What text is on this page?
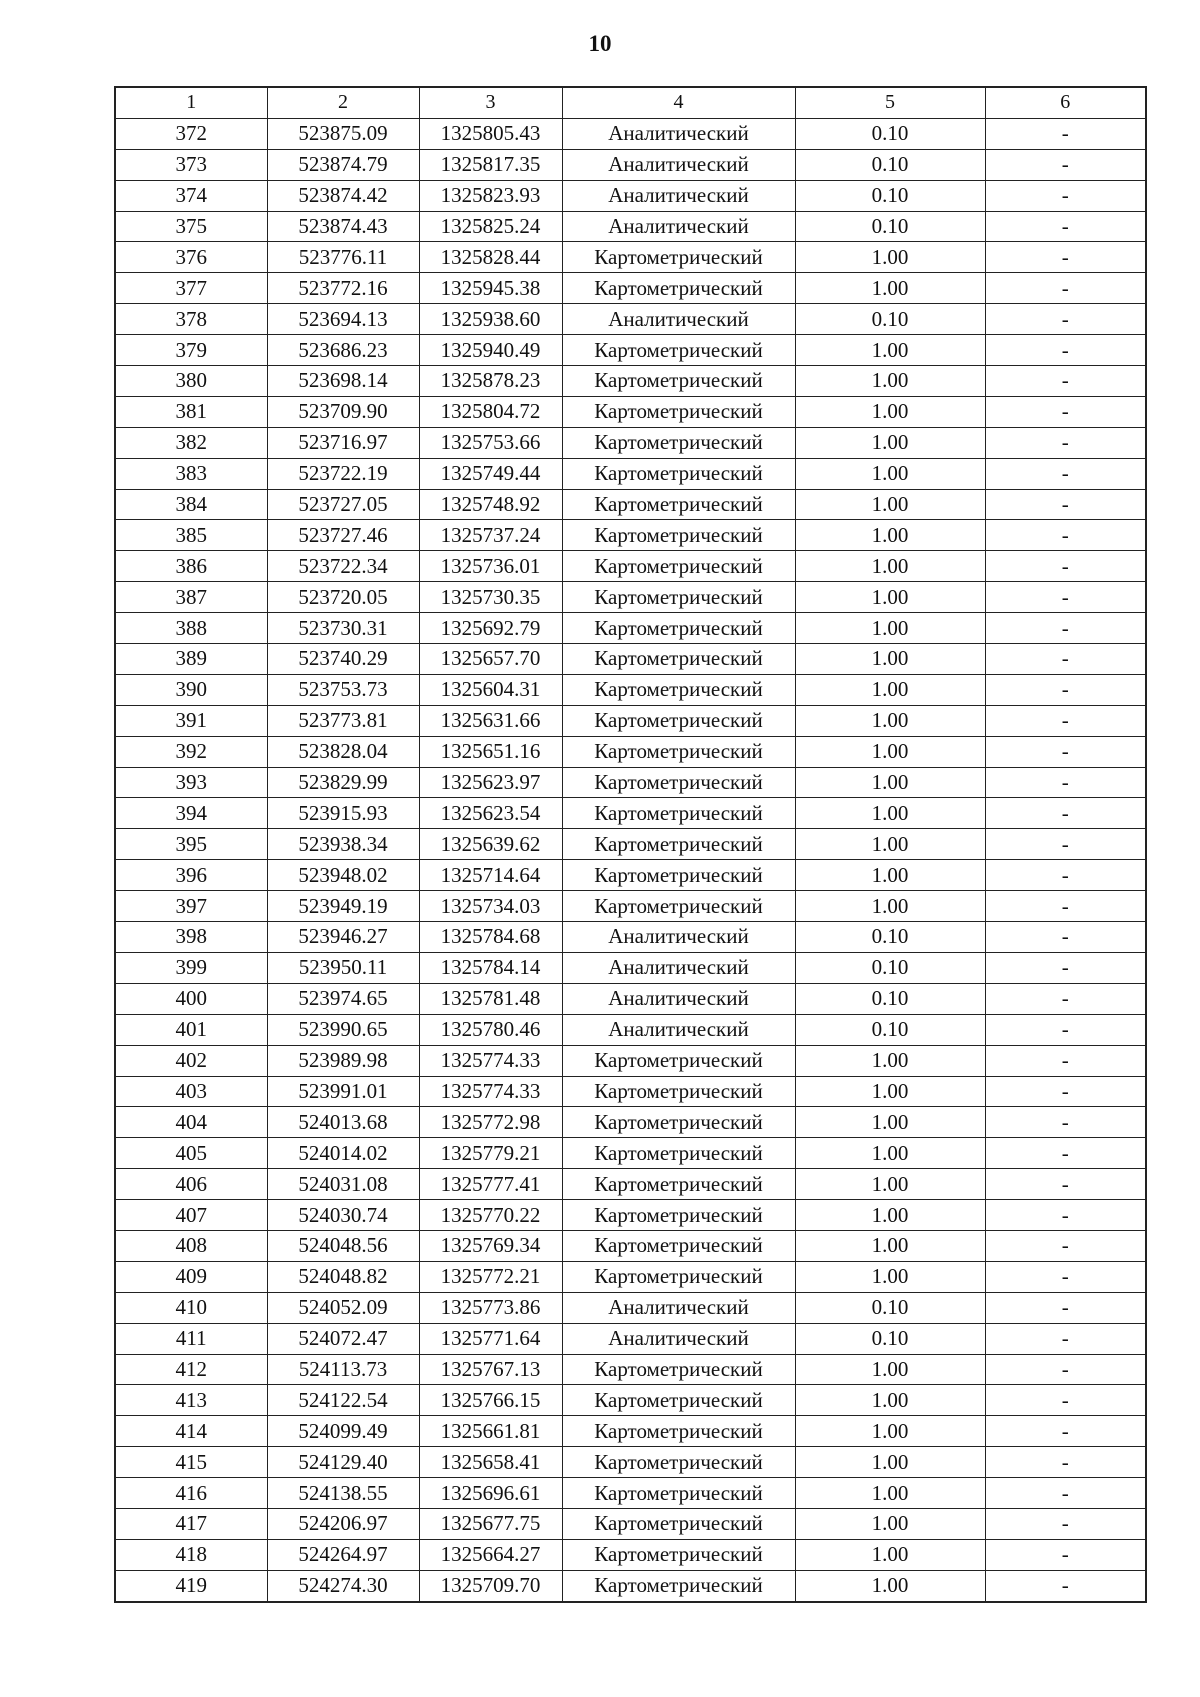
10
1	2	3	4	5	6
372	523875.09	1325805.43	Аналитический	0.10	-
373	523874.79	1325817.35	Аналитический	0.10	-
374	523874.42	1325823.93	Аналитический	0.10	-
375	523874.43	1325825.24	Аналитический	0.10	-
376	523776.11	1325828.44	Картометрический	1.00	-
377	523772.16	1325945.38	Картометрический	1.00	-
378	523694.13	1325938.60	Аналитический	0.10	-
379	523686.23	1325940.49	Картометрический	1.00	-
380	523698.14	1325878.23	Картометрический	1.00	-
381	523709.90	1325804.72	Картометрический	1.00	-
382	523716.97	1325753.66	Картометрический	1.00	-
383	523722.19	1325749.44	Картометрический	1.00	-
384	523727.05	1325748.92	Картометрический	1.00	-
385	523727.46	1325737.24	Картометрический	1.00	-
386	523722.34	1325736.01	Картометрический	1.00	-
387	523720.05	1325730.35	Картометрический	1.00	-
388	523730.31	1325692.79	Картометрический	1.00	-
389	523740.29	1325657.70	Картометрический	1.00	-
390	523753.73	1325604.31	Картометрический	1.00	-
391	523773.81	1325631.66	Картометрический	1.00	-
392	523828.04	1325651.16	Картометрический	1.00	-
393	523829.99	1325623.97	Картометрический	1.00	-
394	523915.93	1325623.54	Картометрический	1.00	-
395	523938.34	1325639.62	Картометрический	1.00	-
396	523948.02	1325714.64	Картометрический	1.00	-
397	523949.19	1325734.03	Картометрический	1.00	-
398	523946.27	1325784.68	Аналитический	0.10	-
399	523950.11	1325784.14	Аналитический	0.10	-
400	523974.65	1325781.48	Аналитический	0.10	-
401	523990.65	1325780.46	Аналитический	0.10	-
402	523989.98	1325774.33	Картометрический	1.00	-
403	523991.01	1325774.33	Картометрический	1.00	-
404	524013.68	1325772.98	Картометрический	1.00	-
405	524014.02	1325779.21	Картометрический	1.00	-
406	524031.08	1325777.41	Картометрический	1.00	-
407	524030.74	1325770.22	Картометрический	1.00	-
408	524048.56	1325769.34	Картометрический	1.00	-
409	524048.82	1325772.21	Картометрический	1.00	-
410	524052.09	1325773.86	Аналитический	0.10	-
411	524072.47	1325771.64	Аналитический	0.10	-
412	524113.73	1325767.13	Картометрический	1.00	-
413	524122.54	1325766.15	Картометрический	1.00	-
414	524099.49	1325661.81	Картометрический	1.00	-
415	524129.40	1325658.41	Картометрический	1.00	-
416	524138.55	1325696.61	Картометрический	1.00	-
417	524206.97	1325677.75	Картометрический	1.00	-
418	524264.97	1325664.27	Картометрический	1.00	-
419	524274.30	1325709.70	Картометрический	1.00	-
